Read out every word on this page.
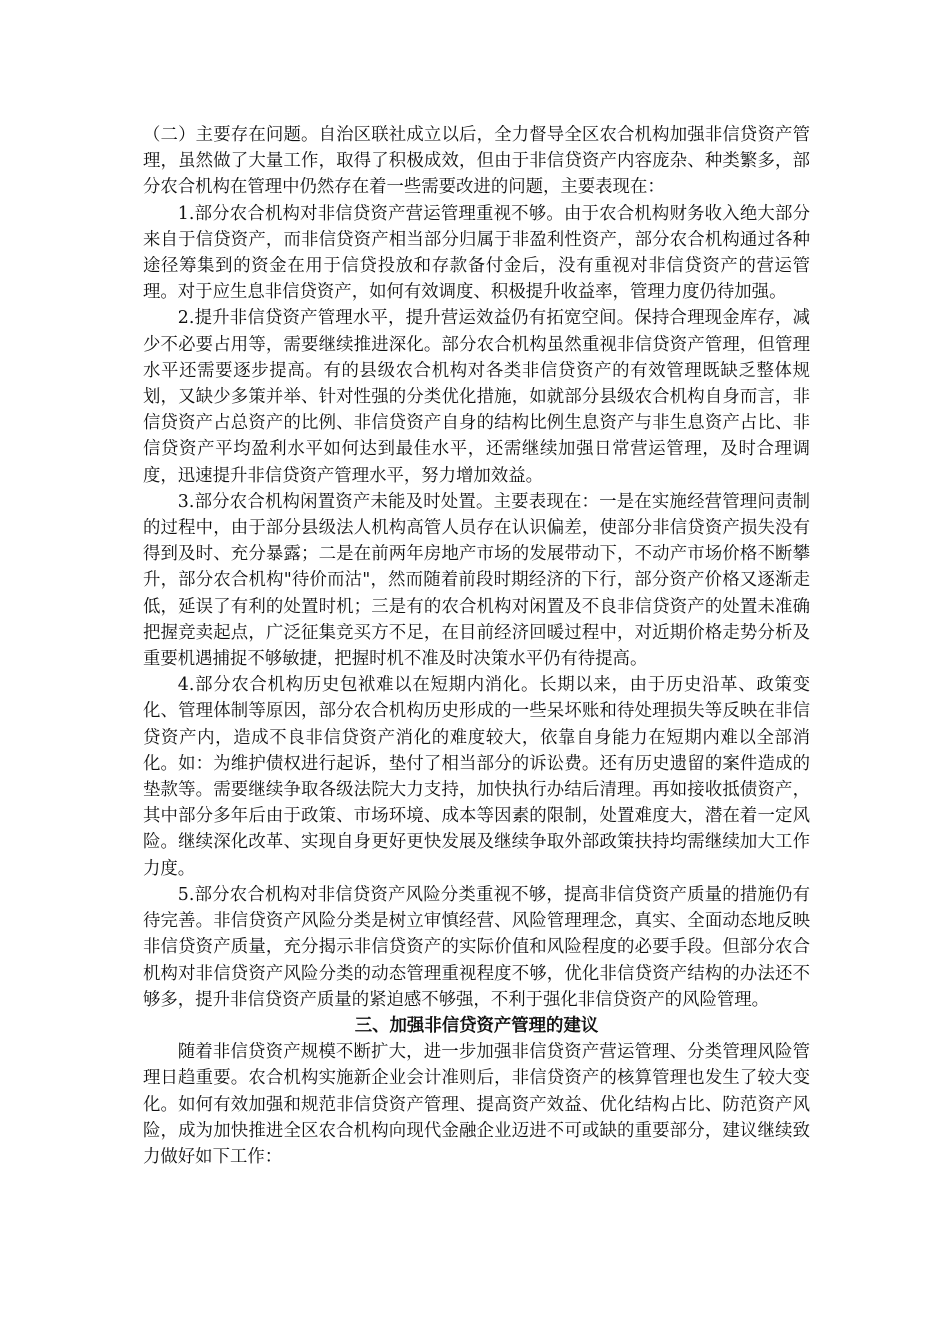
（二）主要存在问题。自治区联社成立以后，全力督导全区农合机构加强非信贷资产管理，虽然做了大量工作，取得了积极成效，但由于非信贷资产内容庞杂、种类繁多，部分农合机构在管理中仍然存在着一些需要改进的问题，主要表现在：

1.部分农合机构对非信贷资产营运管理重视不够。由于农合机构财务收入绝大部分来自于信贷资产，而非信贷资产相当部分归属于非盈利性资产，部分农合机构通过各种途径筹集到的资金在用于信贷投放和存款备付金后，没有重视对非信贷资产的营运管理。对于应生息非信贷资产，如何有效调度、积极提升收益率，管理力度仍待加强。

2.提升非信贷资产管理水平，提升营运效益仍有拓宽空间。保持合理现金库存，减少不必要占用等，需要继续推进深化。部分农合机构虽然重视非信贷资产管理，但管理水平还需要逐步提高。有的县级农合机构对各类非信贷资产的有效管理既缺乏整体规划，又缺少多策并举、针对性强的分类优化措施，如就部分县级农合机构自身而言，非信贷资产占总资产的比例、非信贷资产自身的结构比例生息资产与非生息资产占比、非信贷资产平均盈利水平如何达到最佳水平，还需继续加强日常营运管理，及时合理调度，迅速提升非信贷资产管理水平，努力增加效益。

3.部分农合机构闲置资产未能及时处置。主要表现在：一是在实施经营管理问责制的过程中，由于部分县级法人机构高管人员存在认识偏差，使部分非信贷资产损失没有得到及时、充分暴露；二是在前两年房地产市场的发展带动下，不动产市场价格不断攀升，部分农合机构"待价而沽"，然而随着前段时期经济的下行，部分资产价格又逐渐走低，延误了有利的处置时机；三是有的农合机构对闲置及不良非信贷资产的处置未准确把握竞卖起点，广泛征集竞买方不足，在目前经济回暖过程中，对近期价格走势分析及重要机遇捕捉不够敏捷，把握时机不准及时决策水平仍有待提高。

4.部分农合机构历史包袱难以在短期内消化。长期以来，由于历史沿革、政策变化、管理体制等原因，部分农合机构历史形成的一些呆坏账和待处理损失等反映在非信贷资产内，造成不良非信贷资产消化的难度较大，依靠自身能力在短期内难以全部消化。如：为维护债权进行起诉，垫付了相当部分的诉讼费。还有历史遗留的案件造成的垫款等。需要继续争取各级法院大力支持，加快执行办结后清理。再如接收抵债资产，其中部分多年后由于政策、市场环境、成本等因素的限制，处置难度大，潜在着一定风险。继续深化改革、实现自身更好更快发展及继续争取外部政策扶持均需继续加大工作力度。

5.部分农合机构对非信贷资产风险分类重视不够，提高非信贷资产质量的措施仍有待完善。非信贷资产风险分类是树立审慎经营、风险管理理念，真实、全面动态地反映非信贷资产质量，充分揭示非信贷资产的实际价值和风险程度的必要手段。但部分农合机构对非信贷资产风险分类的动态管理重视程度不够，优化非信贷资产结构的办法还不够多，提升非信贷资产质量的紧迫感不够强，不利于强化非信贷资产的风险管理。

三、加强非信贷资产管理的建议

随着非信贷资产规模不断扩大，进一步加强非信贷资产营运管理、分类管理风险管理日趋重要。农合机构实施新企业会计准则后，非信贷资产的核算管理也发生了较大变化。如何有效加强和规范非信贷资产管理、提高资产效益、优化结构占比、防范资产风险，成为加快推进全区农合机构向现代金融企业迈进不可或缺的重要部分，建议继续致力做好如下工作：
